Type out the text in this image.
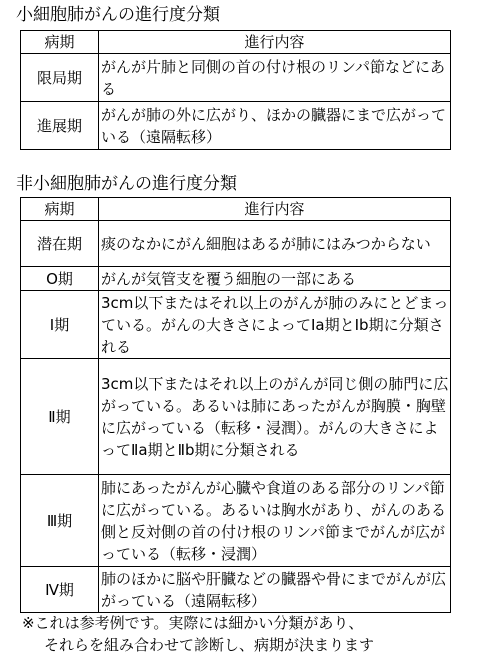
小細胞肺がんの進行度分類
病期	進行内容
限局期	がんが片肺と同側の首の付け根のリンパ節などにある
進展期	がんが肺の外に広がり、ほかの臓器にまで広がっている（遠隔転移）
非小細胞肺がんの進行度分類
病期	進行内容
潜在期	痰のなかにがん細胞はあるが肺にはみつからない
O期	がんが気管支を覆う細胞の一部にある
Ⅰ期	3cm以下またはそれ以上のがんが肺のみにとどまっている。がんの大きさによってⅠa期とⅠb期に分類される
Ⅱ期	3cm以下またはそれ以上のがんが同じ側の肺門に広がっている。あるいは肺にあったがんが胸膜・胸壁に広がっている（転移・浸潤）。がんの大きさによってⅡa期とⅡb期に分類される
Ⅲ期	肺にあったがんが心臓や食道のある部分のリンパ節に広がっている。あるいは胸水があり、がんのある側と反対側の首の付け根のリンパ節までがんが広がっている（転移・浸潤）
Ⅳ期	肺のほかに脳や肝臓などの臓器や骨にまでがんが広がっている（遠隔転移）
※これは参考例です。実際には細かい分類があり、
それらを組み合わせて診断し、病期が決まります
